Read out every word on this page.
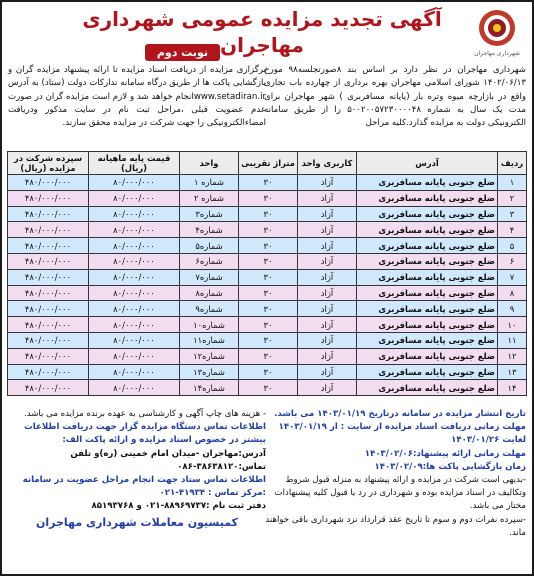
شهرداری مهاجران
آگهی تجدید مزایده عمومی شهرداری مهاجران
نوبت دوم
شهرداری مهاجران در نظر دارد بر اساس بند ۸صورتجلسه۹۸ مورخ ۱۴۰۲/۰۶/۱۳ شورای اسلامی مهاجران بهره برداری از چهارده باب تجاری واقع در بازارچه میوه وتره بار (پایانه مسافربری ) شهر مهاجران برای مدت یک سال به شماره ۵۰۰۲۰۰۵۷۲۳۰۰۰۰۴۸ را از طریق سامانه الکترونیکی دولت به مزایده گذارد.کلیه مراحل
برگزاری مزایده از دریافت اسناد مزایده تا ارائه پیشنهاد مزایده گران و بازگشایی پاکت ها از طریق درگاه سامانه تدارکات دولت (ستاد) به آدرس www.setadiran.irانجام خواهد شد و لازم است مزایده گران در صورت عدم عضویت قبلی ،مراحل ثبت نام در سایت مذکور ودریافت امضاءالکترونیکی را جهت شرکت در مزایده محقق سازند.
ردیف	آدرس	کاربری واحد	متراژ تقریبی	واحد	قیمت پایه ماهیانه (ریال)	سپرده شرکت در مزایده (ریال)
۱	ضلع جنوبی پایانه مسافربری	آزاد	۳۰	شماره ۱	۸۰/۰۰۰/۰۰۰	۴۸۰/۰۰۰/۰۰۰
۲	ضلع جنوبی پایانه مسافربری	آزاد	۳۰	شماره ۲	۸۰/۰۰۰/۰۰۰	۴۸۰/۰۰۰/۰۰۰
۳	ضلع جنوبی پایانه مسافربری	آزاد	۳۰	شماره۳	۸۰/۰۰۰/۰۰۰	۴۸۰/۰۰۰/۰۰۰
۴	ضلع جنوبی پایانه مسافربری	آزاد	۳۰	شماره۴	۸۰/۰۰۰/۰۰۰	۴۸۰/۰۰۰/۰۰۰
۵	ضلع جنوبی پایانه مسافربری	آزاد	۳۰	شماره۵	۸۰/۰۰۰/۰۰۰	۴۸۰/۰۰۰/۰۰۰
۶	ضلع جنوبی پایانه مسافربری	آزاد	۳۰	شماره۶	۸۰/۰۰۰/۰۰۰	۴۸۰/۰۰۰/۰۰۰
۷	ضلع جنوبی پایانه مسافربری	آزاد	۳۰	شماره۷	۸۰/۰۰۰/۰۰۰	۴۸۰/۰۰۰/۰۰۰
۸	ضلع جنوبی پایانه مسافربری	آزاد	۳۰	شماره۸	۸۰/۰۰۰/۰۰۰	۴۸۰/۰۰۰/۰۰۰
۹	ضلع جنوبی پایانه مسافربری	آزاد	۳۰	شماره۹	۸۰/۰۰۰/۰۰۰	۴۸۰/۰۰۰/۰۰۰
۱۰	ضلع جنوبی پایانه مسافربری	آزاد	۳۰	شماره۱۰	۸۰/۰۰۰/۰۰۰	۴۸۰/۰۰۰/۰۰۰
۱۱	ضلع جنوبی پایانه مسافربری	آزاد	۳۰	شماره۱۱	۸۰/۰۰۰/۰۰۰	۴۸۰/۰۰۰/۰۰۰
۱۲	ضلع جنوبی پایانه مسافربری	آزاد	۳۰	شماره۱۲	۸۰/۰۰۰/۰۰۰	۴۸۰/۰۰۰/۰۰۰
۱۳	ضلع جنوبی پایانه مسافربری	آزاد	۳۰	شماره۱۳	۸۰/۰۰۰/۰۰۰	۴۸۰/۰۰۰/۰۰۰
۱۴	ضلع جنوبی پایانه مسافربری	آزاد	۳۰	شماره۱۴	۸۰/۰۰۰/۰۰۰	۴۸۰/۰۰۰/۰۰۰
تاریخ انتشار مزایده در سامانه درتاریخ ۱۴۰۳/۰۱/۱۹ می باشد.
مهلت زمانی دریافت اسناد مزایده از سایت : از ۱۴۰۳/۰۱/۱۹ لغایت ۱۴۰۳/۰۱/۲۶
مهلت زمانی ارائه پیشنهاد:۱۴۰۳/۰۲/۰۶
زمان بازگشایی پاکت ها:۱۴۰۳/۰۲/۰۹
-بدیهی است شرکت در مزایده و ارائه پیشنهاد به منزله قبول شروط وتکالیف در اسناد مزایده بوده و شهرداری در رد یا قبول کلیه پیشنهادات مختار می باشد.
-سپرده نفرات دوم و سوم تا تاریخ عقد قرارداد نزد شهرداری باقی خواهند ماند.
- هزینه های چاپ آگهی و کارشناسی به عهده برنده مزایده می باشد.
اطلاعات تماس دستگاه مزایده گزار جهت دریافت اطلاعات بیشتر در خصوص اسناد مزایده و ارائه پاکت الف:
آدرس:مهاجران -میدان امام خمینی (ره)و تلفن تماس:۳۸۶۳۸۱۲۰-۰۸۶
اطلاعات تماس ستاد جهت انجام مراحل عضویت در سامانه :مرکز تماس : ۴۱۹۳۴-۰۲۱
دفتر ثبت نام :۸۸۹۶۹۷۳۷-۰۲۱ و ۸۵۱۹۳۷۶۸
کمیسیون معاملات شهرداری مهاجران
